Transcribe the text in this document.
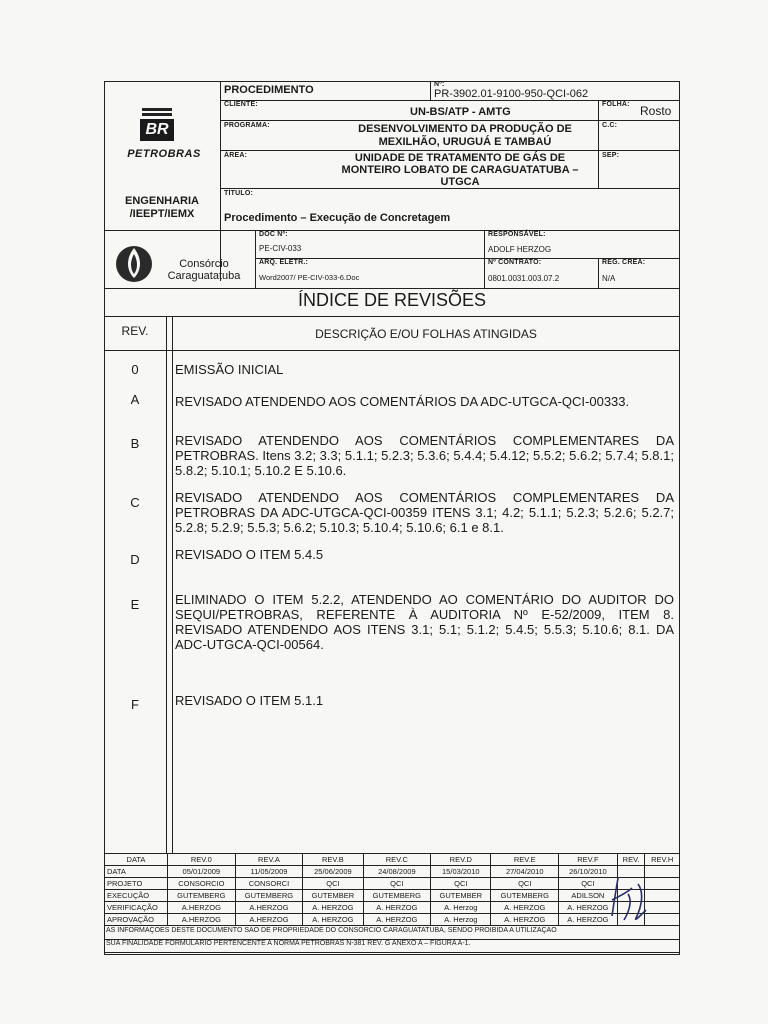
BR
PETROBRAS
ENGENHARIA /IEEPT/IEMX
Consórcio
Caraguatatuba
PROCEDIMENTO	Nº:
PR-3902.01-9100-950-QCI-062
CLIENTE:
UN-BS/ATP - AMTG
FOLHA: Rosto
PROGRAMA:	DESENVOLVIMENTO DA PRODUÇÃO DE MEXILHÃO, URUGUÁ E TAMBAÚ
C.C:
ÁREA:	UNIDADE DE TRATAMENTO DE GÁS DE MONTEIRO LOBATO DE CARAGUATATUBA – UTGCA
SEP:
TÍTULO:
Procedimento – Execução de Concretagem
DOC Nº:
PE-CIV-033
RESPONSÁVEL:
ADOLF HERZOG
ARQ. ELETR.:
Word2007/ PE-CIV-033-6.Doc
Nº CONTRATO:
0801.0031.003.07.2
REG. CREA:
N/A
ÍNDICE DE REVISÕES
REV.	DESCRIÇÃO E/OU FOLHAS ATINGIDAS
0	EMISSÃO INICIAL
A	REVISADO ATENDENDO AOS COMENTÁRIOS DA ADC-UTGCA-QCI-00333.
B	REVISADO ATENDENDO AOS COMENTÁRIOS COMPLEMENTARES DA PETROBRAS. Itens 3.2; 3.3; 5.1.1; 5.2.3; 5.3.6; 5.4.4; 5.4.12; 5.5.2; 5.6.2; 5.7.4; 5.8.1; 5.8.2; 5.10.1; 5.10.2 E 5.10.6.
C	REVISADO ATENDENDO AOS COMENTÁRIOS COMPLEMENTARES DA PETROBRAS DA ADC-UTGCA-QCI-00359 ITENS 3.1; 4.2; 5.1.1; 5.2.3; 5.2.6; 5.2.7; 5.2.8; 5.2.9; 5.5.3; 5.6.2; 5.10.3; 5.10.4; 5.10.6; 6.1 e 8.1.
D	REVISADO O ITEM 5.4.5
E	ELIMINADO O ITEM 5.2.2, ATENDENDO AO COMENTÁRIO DO AUDITOR DO SEQUI/PETROBRAS, REFERENTE À AUDITORIA Nº E-52/2009, ITEM 8. REVISADO ATENDENDO AOS ITENS 3.1; 5.1; 5.1.2; 5.4.5; 5.5.3; 5.10.6; 8.1. DA ADC-UTGCA-QCI-00564.
F	REVISADO O ITEM 5.1.1
DATA	REV.0	REV.A	REV.B	REV.C	REV.D	REV.E	REV.F	REV.	REV.H
DATA	05/01/2009	11/05/2009	25/06/2009	24/08/2009	15/03/2010	27/04/2010	26/10/2010		
PROJETO	CONSORCIO	CONSORCI	QCI	QCI	QCI	QCI	QCI		
EXECUÇÃO	GUTEMBERG	GUTEMBERG	GUTEMBER	GUTEMBERG	GUTEMBER	GUTEMBERG	ADILSON		
VERIFICAÇÃO	A.HERZOG	A.HERZOG	A. HERZOG	A. HERZOG	A. Herzog	A. HERZOG	A. HERZOG		
APROVAÇÃO	A.HERZOG	A.HERZOG	A. HERZOG	A. HERZOG	A. Herzog	A. HERZOG	A. HERZOG		
AS INFORMAÇÕES DESTE DOCUMENTO SÃO DE PROPRIEDADE DO CONSÓRCIO CARAGUATATUBA, SENDO PROIBIDA A UTILIZAÇÃO
SUA FINALIDADE FORMULÁRIO PERTENCENTE A NORMA PETROBRAS N-381 REV. G ANEXO A – FIGURA A-1.
